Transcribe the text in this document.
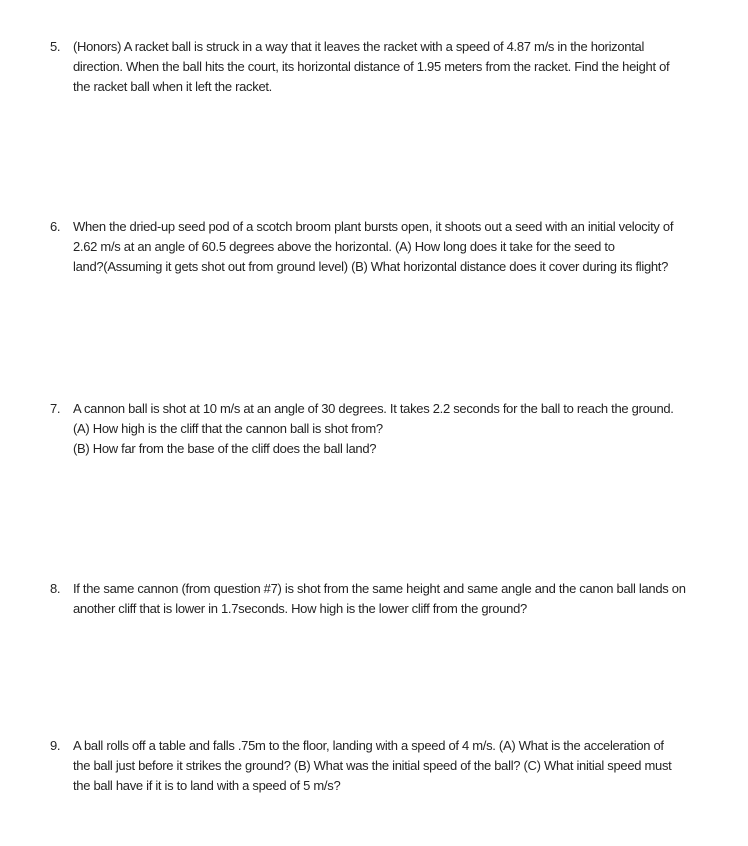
5. (Honors) A racket ball is struck in a way that it leaves the racket with a speed of 4.87 m/s in the horizontal
direction. When the ball hits the court, its horizontal distance of 1.95 meters from the racket. Find the height of
the racket ball when it left the racket.
6. When the dried-up seed pod of a scotch broom plant bursts open, it shoots out a seed with an initial velocity of
2.62 m/s at an angle of 60.5 degrees above the horizontal. (A) How long does it take for the seed to
land?(Assuming it gets shot out from ground level) (B) What horizontal distance does it cover during its flight?
7. A cannon ball is shot at 10 m/s at an angle of 30 degrees. It takes 2.2 seconds for the ball to reach the ground.
(A) How high is the cliff that the cannon ball is shot from?
(B) How far from the base of the cliff does the ball land?
8. If the same cannon (from question #7) is shot from the same height and same angle and the canon ball lands on
another cliff that is lower in 1.7seconds. How high is the lower cliff from the ground?
9. A ball rolls off a table and falls .75m to the floor, landing with a speed of 4 m/s. (A) What is the acceleration of
the ball just before it strikes the ground? (B) What was the initial speed of the ball? (C) What initial speed must
the ball have if it is to land with a speed of 5 m/s?
